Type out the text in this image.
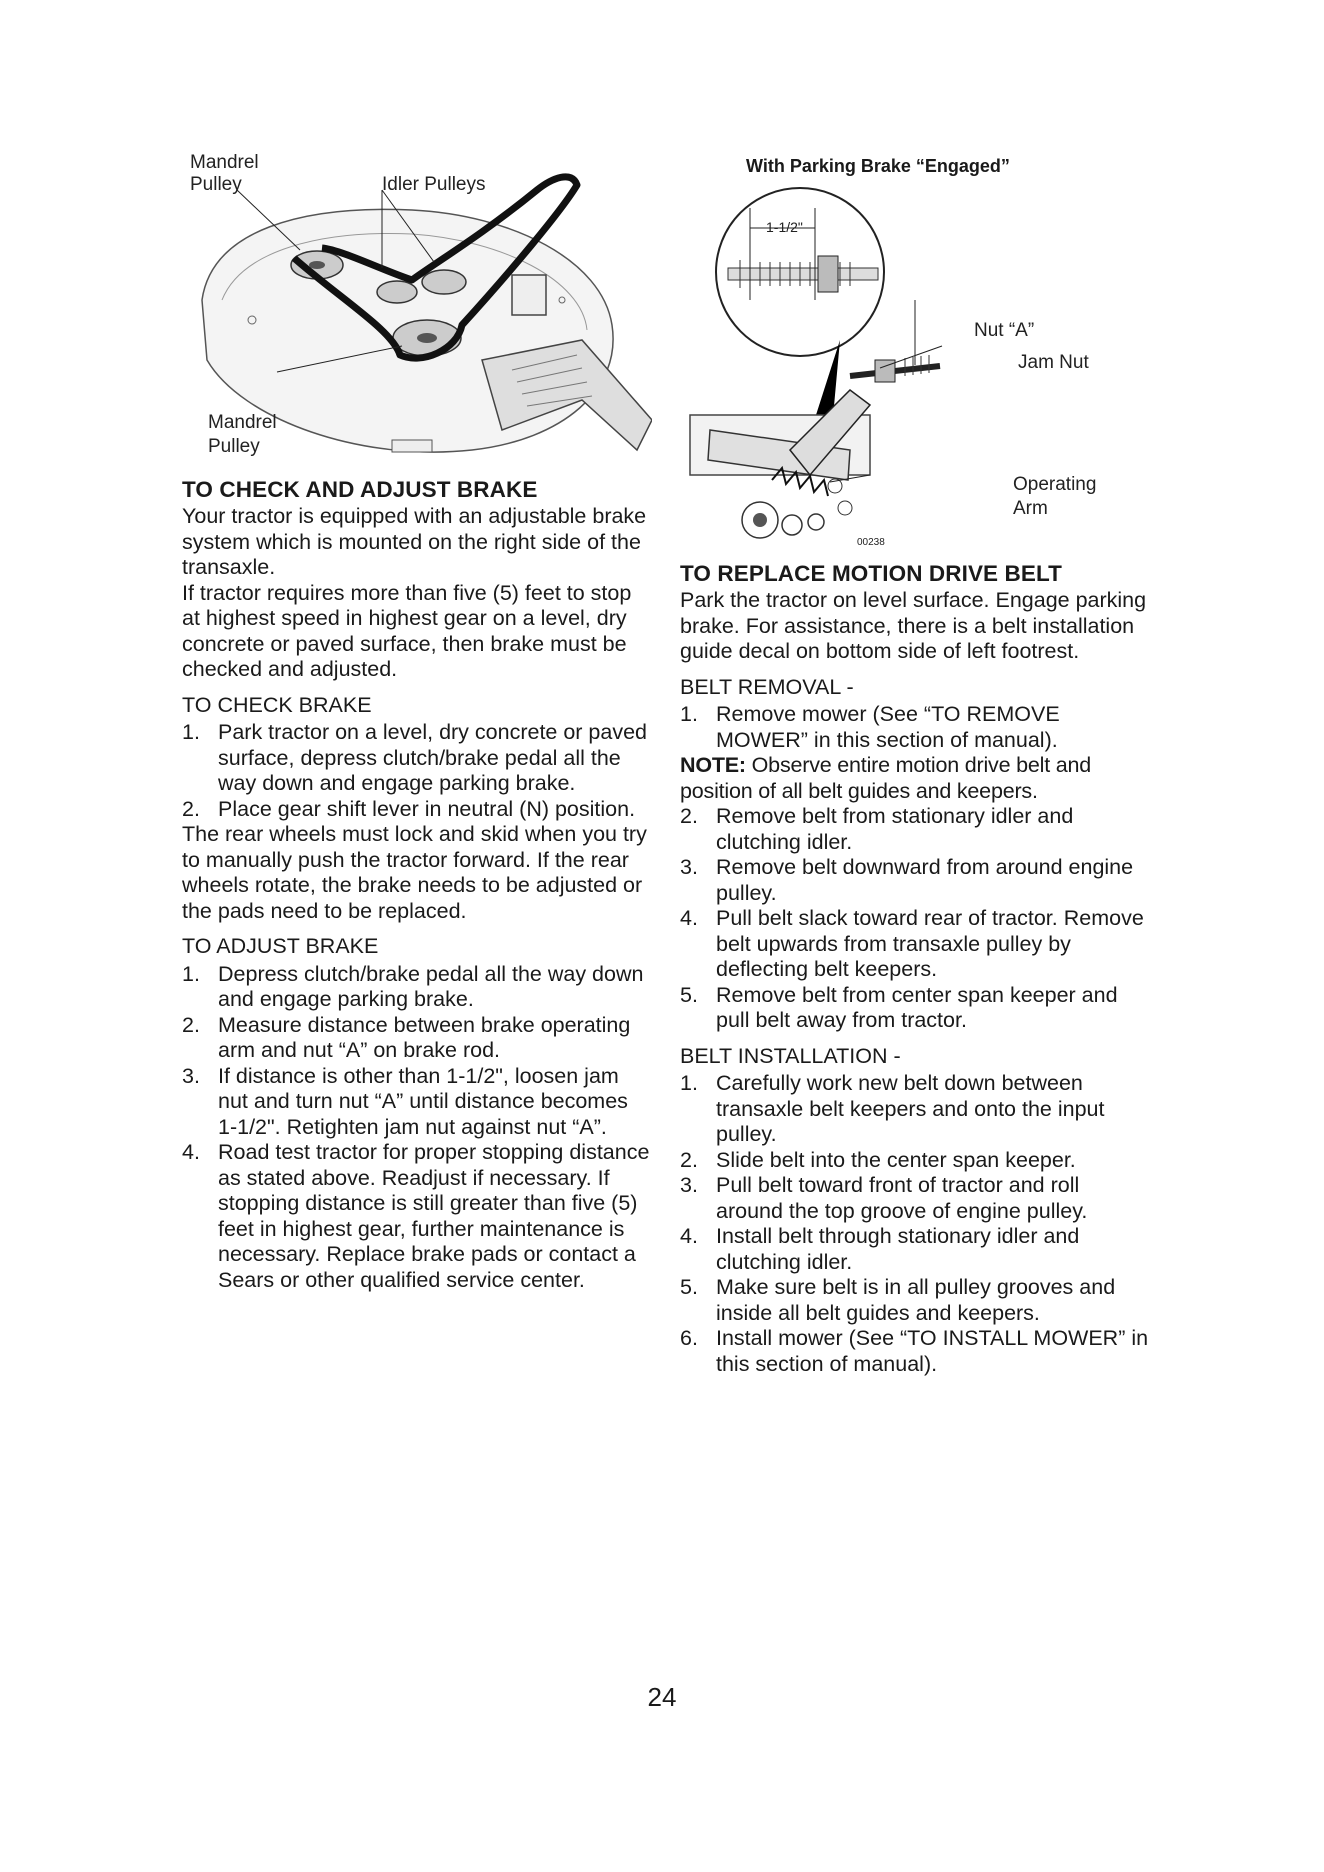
Mandrel
Pulley	Idler Pulleys
Mandrel
Pulley
TO CHECK AND ADJUST BRAKE

Your tractor is equipped with an adjustable brake system which is mounted on the right side of the transaxle.

If tractor requires more than five (5) feet to stop at highest speed in highest gear on a level, dry concrete or paved surface, then brake must be checked and adjusted.

TO CHECK BRAKE
1. Park tractor on a level, dry concrete or paved surface, depress clutch/brake pedal all the way down and engage parking brake.
2. Place gear shift lever in neutral (N) position.

The rear wheels must lock and skid when you try to manually push the tractor forward. If the rear wheels rotate, the brake needs to be adjusted or the pads need to be replaced.

TO ADJUST BRAKE
1. Depress clutch/brake pedal all the way down and engage parking brake.
2. Measure distance between brake operating arm and nut “A” on brake rod.
3. If distance is other than 1-1/2", loosen jam nut and turn nut “A” until distance becomes 1-1/2". Retighten jam nut against nut “A”.
4. Road test tractor for proper stopping distance as stated above. Readjust if necessary. If stopping distance is still greater than five (5) feet in highest gear, further maintenance is necessary. Replace brake pads or contact a Sears or other qualified service center.
With Parking Brake “Engaged”
1-1/2"
Nut “A”
Jam Nut
Operating
Arm
00238
TO REPLACE MOTION DRIVE BELT

Park the tractor on level surface. Engage parking brake. For assistance, there is a belt installation guide decal on bottom side of left footrest.

BELT REMOVAL -
1. Remove mower (See “TO REMOVE MOWER” in this section of manual).

NOTE: Observe entire motion drive belt and position of all belt guides and keepers.

2. Remove belt from stationary idler and clutching idler.
3. Remove belt downward from around engine pulley.
4. Pull belt slack toward rear of tractor. Remove belt upwards from transaxle pulley by deflecting belt keepers.
5. Remove belt from center span keeper and pull belt away from tractor.
BELT INSTALLATION -
1. Carefully work new belt down between transaxle belt keepers and onto the input pulley.
2. Slide belt into the center span keeper.
3. Pull belt toward front of tractor and roll around the top groove of engine pulley.
4. Install belt through stationary idler and clutching idler.
5. Make sure belt is in all pulley grooves and inside all belt guides and keepers.
6. Install mower (See “TO INSTALL MOWER” in this section of manual).
24
